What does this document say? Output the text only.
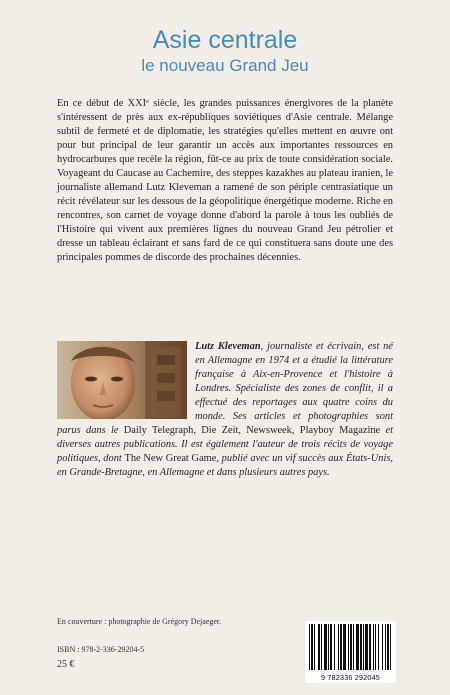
Asie centrale
le nouveau Grand Jeu

En ce début de XXIe siècle, les grandes puissances énergivores de la planète s'intéressent de près aux ex-républiques soviétiques d'Asie centrale. Mélange subtil de fermeté et de diplomatie, les stratégies qu'elles mettent en œuvre ont pour but principal de leur garantir un accès aux importantes ressources en hydrocarbures que recèle la région, fût-ce au prix de toute considération sociale. Voyageant du Caucase au Cachemire, des steppes kazakhes au plateau iranien, le journaliste allemand Lutz Kleveman a ramené de son périple centrasiatique un récit révélateur sur les dessous de la géopolitique énergétique moderne. Riche en rencontres, son carnet de voyage donne d'abord la parole à tous les oubliés de l'Histoire qui vivent aux premières lignes du nouveau Grand Jeu pétrolier et dresse un tableau éclairant et sans fard de ce qui constituera sans doute une des principales pommes de discorde des prochaines décennies.

Lutz Kleveman, journaliste et écrivain, est né en Allemagne en 1974 et a étudié la littérature française à Aix-en-Provence et l'histoire à Londres. Spécialiste des zones de conflit, il a effectué des reportages aux quatre coins du monde. Ses articles et photographies sont parus dans le Daily Telegraph, Die Zeit, Newsweek, Playboy Magazine et diverses autres publications. Il est également l'auteur de trois récits de voyage politiques, dont The New Great Game, publié avec un vif succès aux États-Unis, en Grande-Bretagne, en Allemagne et dans plusieurs autres pays.

En couverture : photographie de Grégory Dejaeger.
ISBN : 978-2-336-29204-5
25 €
9 782336 292045
